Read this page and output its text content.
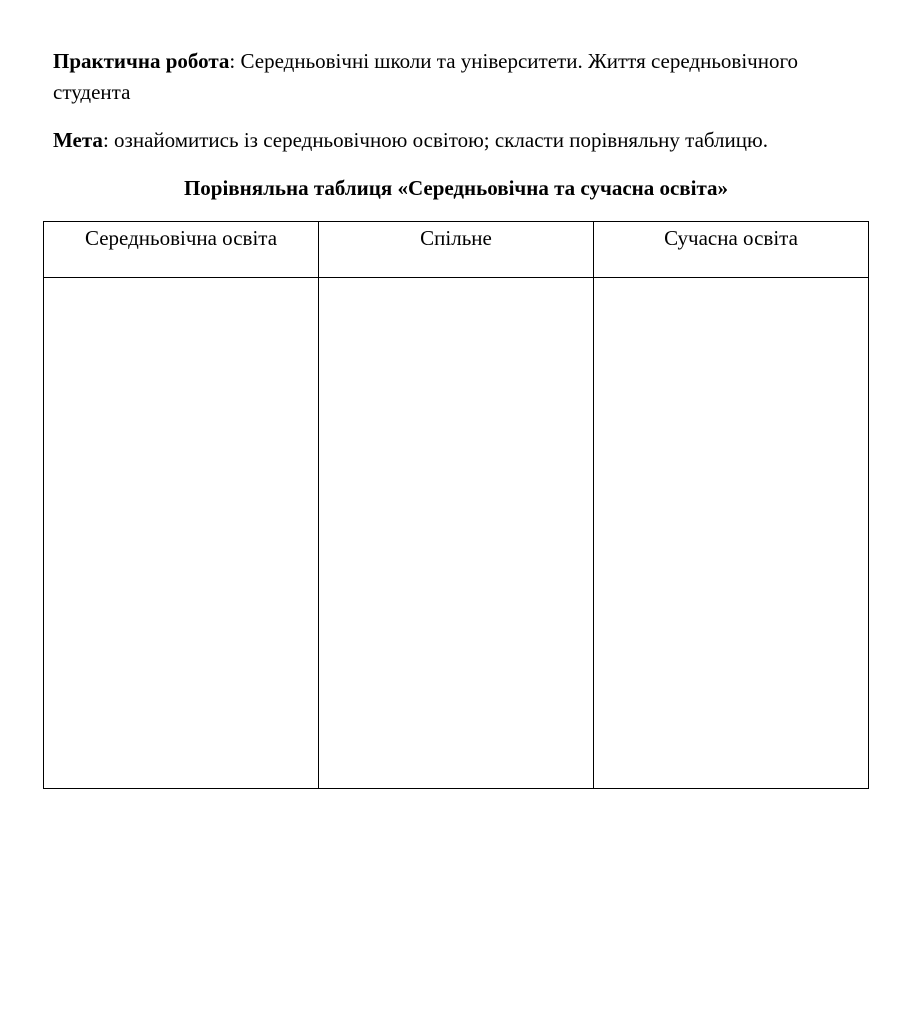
Практична робота: Середньовічні школи та університети. Життя середньовічного студента

Мета: ознайомитись із середньовічною освітою; скласти порівняльну таблицю.

Порівняльна таблиця «Середньовічна та сучасна освіта»

Середньовічна освіта	Спільне	Сучасна освіта
